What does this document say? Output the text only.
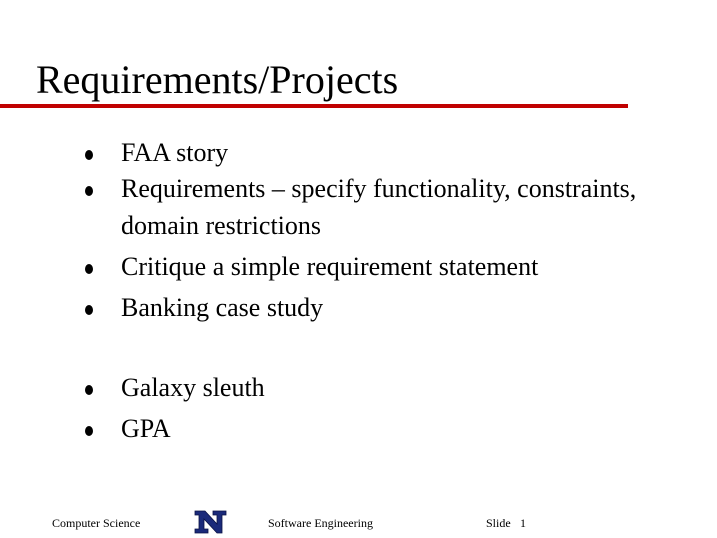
Requirements/Projects
FAA story
Requirements – specify functionality, constraints,
domain restrictions
Critique a simple requirement statement
Banking case study
Galaxy sleuth
GPA
Computer Science	Software Engineering	Slide 1
